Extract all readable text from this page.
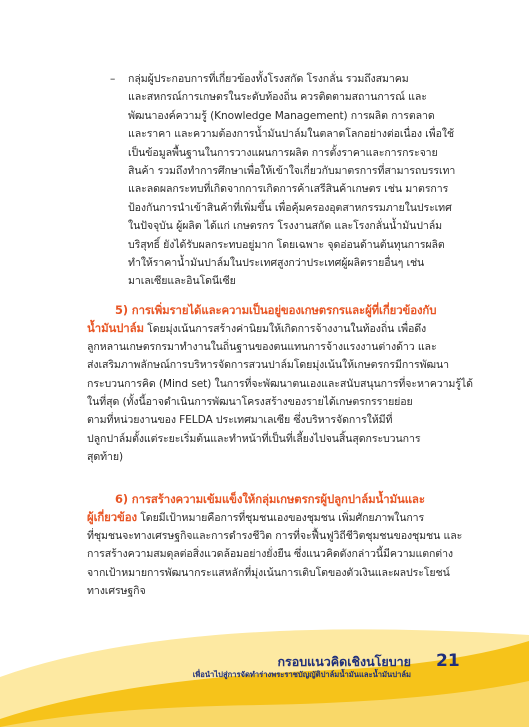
– กลุ่มผู้ประกอบการที่เกี่ยวข้องทั้งโรงสกัด โรงกลั่น รวมถึงสมาคม
และสหกรณ์การเกษตรในระดับท้องถิ่น ควรติดตามสถานการณ์ และ
พัฒนาองค์ความรู้ (Knowledge Management) การผลิต การตลาด
และราคา และความต้องการน้ำมันปาล์มในตลาดโลกอย่างต่อเนื่อง เพื่อใช้
เป็นข้อมูลพื้นฐานในการวางแผนการผลิต การตั้งราคาและการกระจาย
สินค้า รวมถึงทำการศึกษาเพื่อให้เข้าใจเกี่ยวกับมาตรการที่สามารถบรรเทา
และลดผลกระทบที่เกิดจากการเกิดการค้าเสรีสินค้าเกษตร เช่น มาตรการ
ป้องกันการนำเข้าสินค้าที่เพิ่มขึ้น เพื่อคุ้มครองอุตสาหกรรมภายในประเทศ
ในปัจจุบัน ผู้ผลิต ได้แก่ เกษตรกร โรงงานสกัด และโรงกลั่นน้ำมันปาล์ม
บริสุทธิ์ ยังได้รับผลกระทบอยู่มาก โดยเฉพาะ จุดอ่อนด้านต้นทุนการผลิต
ทำให้ราคาน้ำมันปาล์มในประเทศสูงกว่าประเทศผู้ผลิตรายอื่นๆ เช่น
มาเลเซียและอินโดนีเซีย
5) การเพิ่มรายได้และความเป็นอยู่ของเกษตรกรและผู้ที่เกี่ยวข้องกับ
น้ำมันปาล์ม โดยมุ่งเน้นการสร้างค่านิยมให้เกิดการจ้างงานในท้องถิ่น เพื่อดึง
ลูกหลานเกษตรกรมาทำงานในถิ่นฐานของตนแทนการจ้างแรงงานต่างด้าว และ
ส่งเสริมภาพลักษณ์การบริหารจัดการสวนปาล์มโดยมุ่งเน้นให้เกษตรกรมีการพัฒนา
กระบวนการคิด (Mind set) ในการที่จะพัฒนาตนเองและสนับสนุนการที่จะหาความรู้ได้
ในที่สุด (ทั้งนี้อาจดำเนินการพัฒนาโครงสร้างของรายได้เกษตรกรรายย่อย
ตามที่หน่วยงานของ FELDA ประเทศมาเลเซีย ซึ่งบริหารจัดการให้มีที่
ปลูกปาล์มตั้งแต่ระยะเริ่มต้นและทำหน้าที่เป็นที่เลี้ยงไปจนสิ้นสุดกระบวนการ
สุดท้าย)
6) การสร้างความเข้มแข็งให้กลุ่มเกษตรกรผู้ปลูกปาล์มน้ำมันและ
ผู้เกี่ยวข้อง โดยมีเป้าหมายคือการที่ชุมชนเองของชุมชน เพิ่มศักยภาพในการ
ที่ชุมชนจะทางเศรษฐกิจและการดำรงชีวิต การที่จะฟื้นฟูวิถีชีวิตชุมชนของชุมชน และ
การสร้างความสมดุลต่อสิ่งแวดล้อมอย่างยั่งยืน ซึ่งแนวคิดดังกล่าวนี้มีความแตกต่าง
จากเป้าหมายการพัฒนากระแสหลักที่มุ่งเน้นการเติบโตของตัวเงินและผลประโยชน์
ทางเศรษฐกิจ
กรอบแนวคิดเชิงนโยบาย
เพื่อนำไปสู่การจัดทำร่างพระราชบัญญัติปาล์มน้ำมันและน้ำมันปาล์ม
21
